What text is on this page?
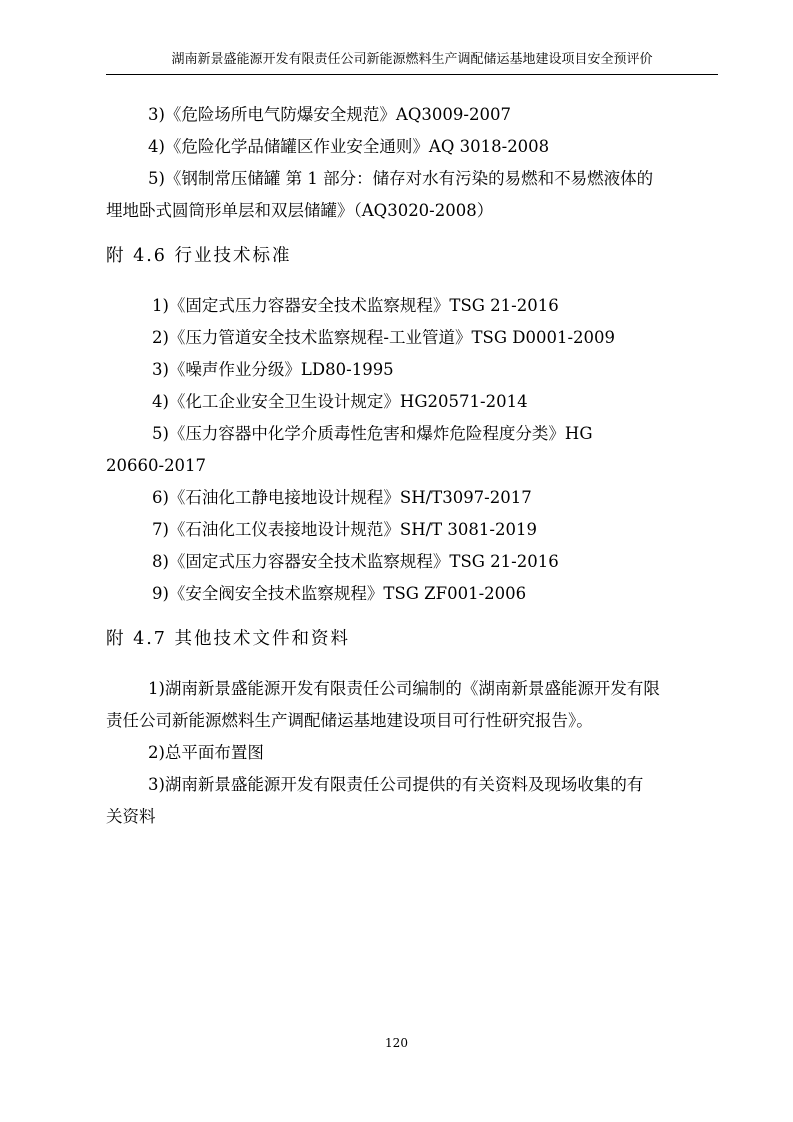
湖南新景盛能源开发有限责任公司新能源燃料生产调配储运基地建设项目安全预评价
3)《危险场所电气防爆安全规范》AQ3009-2007
4)《危险化学品储罐区作业安全通则》AQ 3018-2008
5)《钢制常压储罐 第 1 部分：储存对水有污染的易燃和不易燃液体的
埋地卧式圆筒形单层和双层储罐》（AQ3020-2008）
附 4.6 行业技术标准
1)《固定式压力容器安全技术监察规程》TSG 21-2016
2)《压力管道安全技术监察规程-工业管道》TSG D0001-2009
3)《噪声作业分级》LD80-1995
4)《化工企业安全卫生设计规定》HG20571-2014
5)《压力容器中化学介质毒性危害和爆炸危险程度分类》HG
20660-2017
6)《石油化工静电接地设计规程》SH/T3097-2017
7)《石油化工仪表接地设计规范》SH/T 3081-2019
8)《固定式压力容器安全技术监察规程》TSG 21-2016
9)《安全阀安全技术监察规程》TSG ZF001-2006
附 4.7 其他技术文件和资料
1)湖南新景盛能源开发有限责任公司编制的《湖南新景盛能源开发有限
责任公司新能源燃料生产调配储运基地建设项目可行性研究报告》。
2)总平面布置图
3)湖南新景盛能源开发有限责任公司提供的有关资料及现场收集的有
关资料
120
